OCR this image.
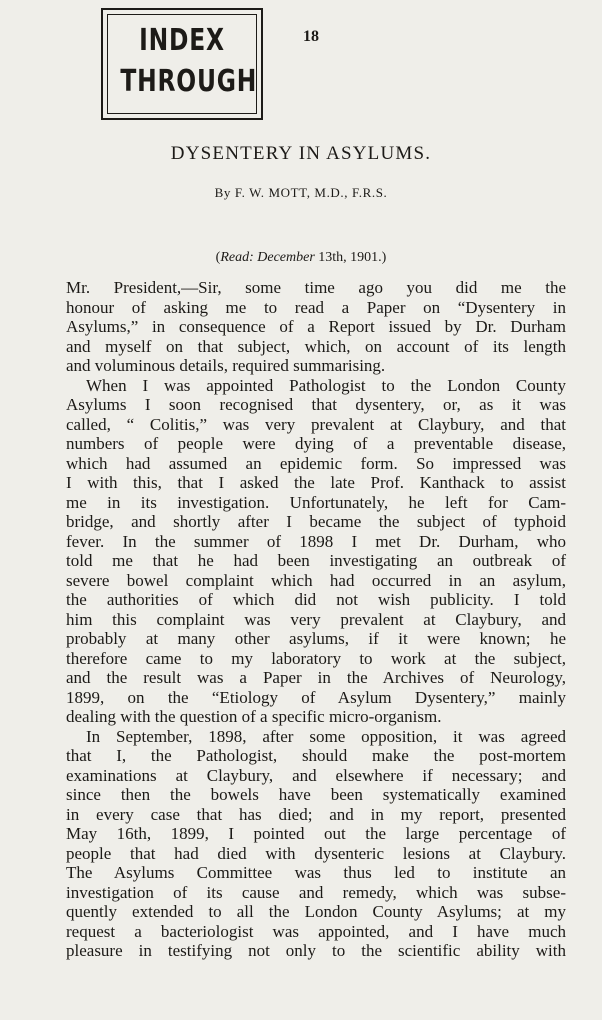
INDEX
THROUGH
18
DYSENTERY IN ASYLUMS.
By F. W. MOTT, M.D., F.R.S.
(Read: December 13th, 1901.)
Mr. President,—Sir, some time ago you did me the
honour of asking me to read a Paper on “Dysentery in
Asylums,” in consequence of a Report issued by Dr. Durham
and myself on that subject, which, on account of its length
and voluminous details, required summarising.
When I was appointed Pathologist to the London County
Asylums I soon recognised that dysentery, or, as it was
called, “ Colitis,” was very prevalent at Claybury, and that
numbers of people were dying of a preventable disease,
which had assumed an epidemic form. So impressed was
I with this, that I asked the late Prof. Kanthack to assist
me in its investigation. Unfortunately, he left for Cam-
bridge, and shortly after I became the subject of typhoid
fever. In the summer of 1898 I met Dr. Durham, who
told me that he had been investigating an outbreak of
severe bowel complaint which had occurred in an asylum,
the authorities of which did not wish publicity. I told
him this complaint was very prevalent at Claybury, and
probably at many other asylums, if it were known; he
therefore came to my laboratory to work at the subject,
and the result was a Paper in the Archives of Neurology,
1899, on the “Etiology of Asylum Dysentery,” mainly
dealing with the question of a specific micro-organism.
In September, 1898, after some opposition, it was agreed
that I, the Pathologist, should make the post-mortem
examinations at Claybury, and elsewhere if necessary; and
since then the bowels have been systematically examined
in every case that has died; and in my report, presented
May 16th, 1899, I pointed out the large percentage of
people that had died with dysenteric lesions at Claybury.
The Asylums Committee was thus led to institute an
investigation of its cause and remedy, which was subse-
quently extended to all the London County Asylums; at my
request a bacteriologist was appointed, and I have much
pleasure in testifying not only to the scientific ability with
